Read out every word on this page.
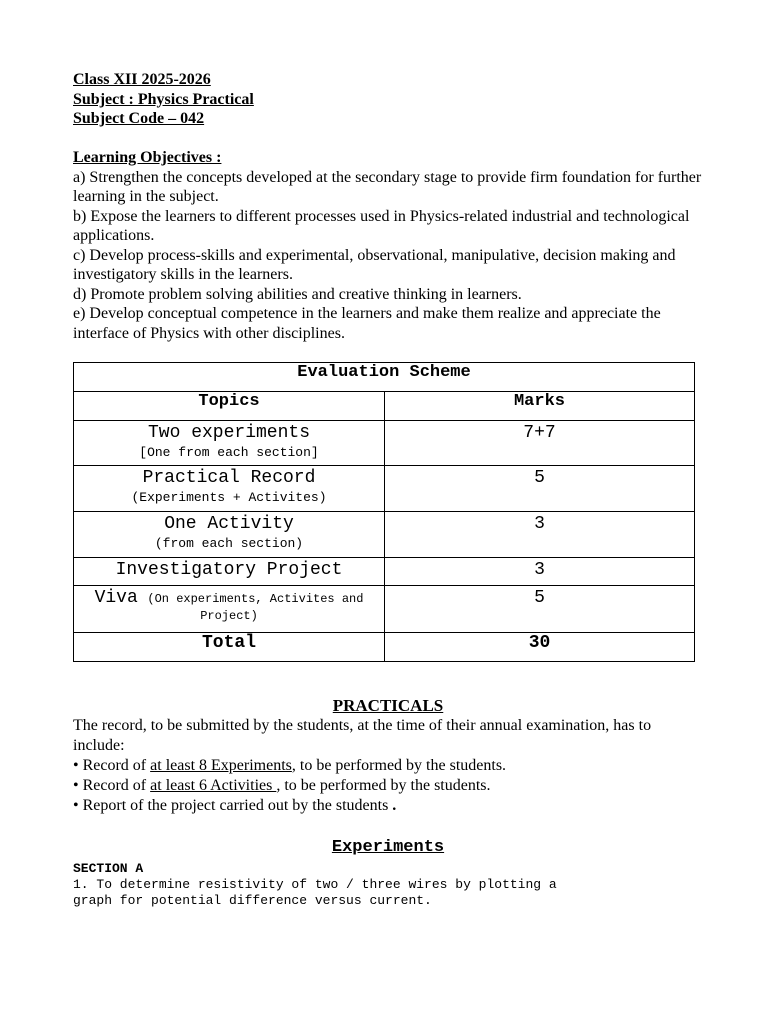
Class XII 2025-2026
Subject : Physics Practical
Subject Code – 042
Learning Objectives :
a) Strengthen the concepts developed at the secondary stage to provide firm foundation for further learning in the subject.
b) Expose the learners to different processes used in Physics-related industrial and technological applications.
c) Develop process-skills and experimental, observational, manipulative, decision making and investigatory skills in the learners.
d) Promote problem solving abilities and creative thinking in learners.
e) Develop conceptual competence in the learners and make them realize and appreciate the interface of Physics with other disciplines.
Evaluation Scheme	
Topics	Marks

Two experiments
[One from each section]	7+7

Practical Record
(Experiments + Activites)	5

One Activity
(from each section)	3

Investigatory Project	3
Viva (On experiments, Activites and Project)	5
Total	30
PRACTICALS
The record, to be submitted by the students, at the time of their annual examination, has to include:
• Record of at least 8 Experiments, to be performed by the students.
• Record of at least 6 Activities , to be performed by the students.
• Report of the project carried out by the students .
Experiments
SECTION A
1. To determine resistivity of two / three wires by plotting a
graph for potential difference versus current.
